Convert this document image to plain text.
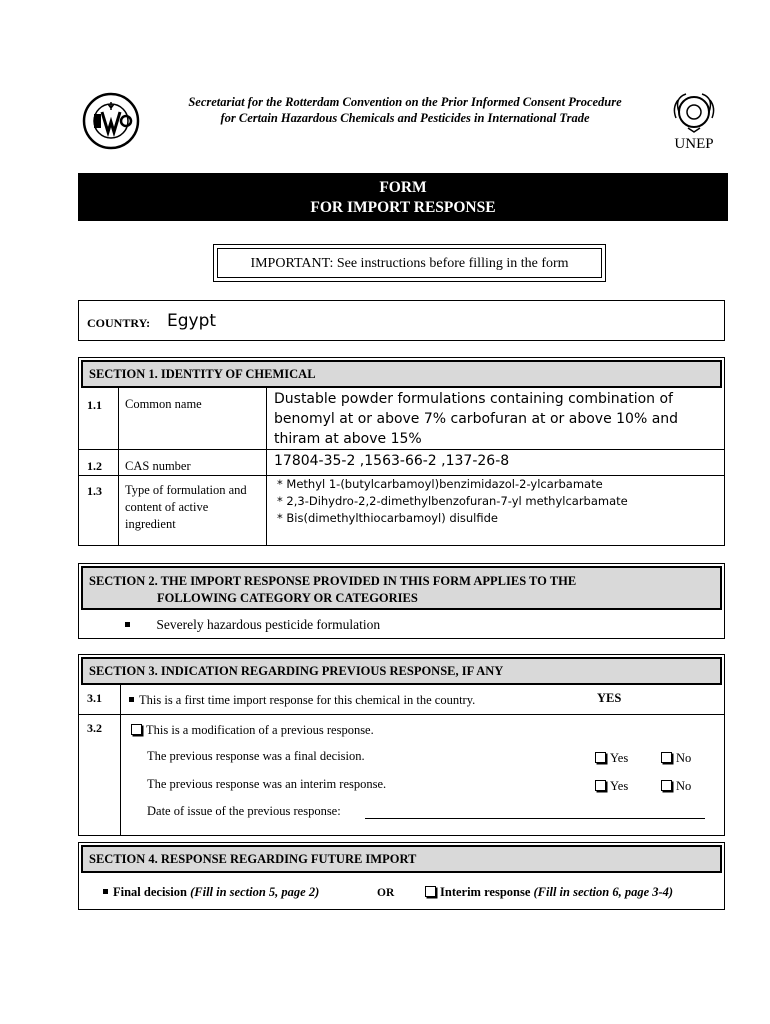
UNEP
Secretariat for the Rotterdam Convention on the Prior Informed Consent Procedure
for Certain Hazardous Chemicals and Pesticides in International Trade
FORM
FOR IMPORT RESPONSE
IMPORTANT: See instructions before filling in the form
COUNTRY: Egypt
SECTION 1. IDENTITY OF CHEMICAL
1.1 Common name	Dustable powder formulations containing combination of benomyl at or above 7% carbofuran at or above 10% and thiram at above 15%
1.2 CAS number	17804-35-2 ,1563-66-2 ,137-26-8
1.3 Type of formulation and content of active ingredient
* Methyl 1-(butylcarbamoyl)benzimidazol-2-ylcarbamate
* 2,3-Dihydro-2,2-dimethylbenzofuran-7-yl methylcarbamate
* Bis(dimethylthiocarbamoyl) disulfide
SECTION 2. THE IMPORT RESPONSE PROVIDED IN THIS FORM APPLIES TO THE
FOLLOWING CATEGORY OR CATEGORIES
Severely hazardous pesticide formulation
SECTION 3. INDICATION REGARDING PREVIOUS RESPONSE, IF ANY
3.1	This is a first time import response for this chemical in the country.	YES
3.2	This is a modification of a previous response.
The previous response was a final decision.	Yes	No
The previous response was an interim response.	Yes	No
Date of issue of the previous response:
SECTION 4. RESPONSE REGARDING FUTURE IMPORT
Final decision (Fill in section 5, page 2)	OR	Interim response (Fill in section 6, page 3-4)
